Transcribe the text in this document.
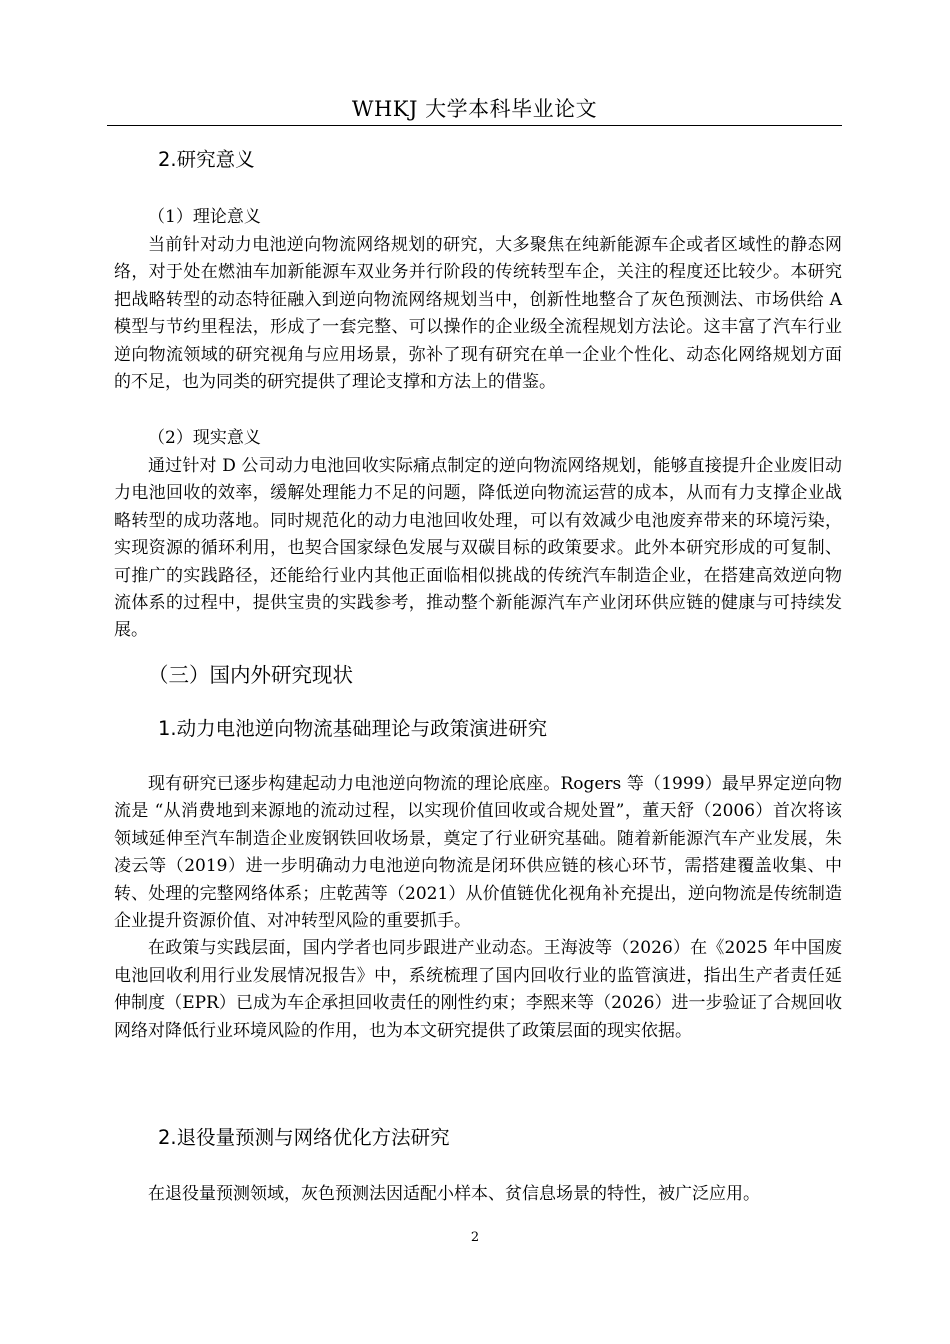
WHKJ 大学本科毕业论文
2.研究意义
（1）理论意义

当前针对动力电池逆向物流网络规划的研究，大多聚焦在纯新能源车企或者区域性的静态网络，对于处在燃油车加新能源车双业务并行阶段的传统转型车企，关注的程度还比较少。本研究把战略转型的动态特征融入到逆向物流网络规划当中，创新性地整合了灰色预测法、市场供给 A 模型与节约里程法，形成了一套完整、可以操作的企业级全流程规划方法论。这丰富了汽车行业逆向物流领域的研究视角与应用场景，弥补了现有研究在单一企业个性化、动态化网络规划方面的不足，也为同类的研究提供了理论支撑和方法上的借鉴。

（2）现实意义

通过针对 D 公司动力电池回收实际痛点制定的逆向物流网络规划，能够直接提升企业废旧动力电池回收的效率，缓解处理能力不足的问题，降低逆向物流运营的成本，从而有力支撑企业战略转型的成功落地。同时规范化的动力电池回收处理，可以有效减少电池废弃带来的环境污染，实现资源的循环利用，也契合国家绿色发展与双碳目标的政策要求。此外本研究形成的可复制、可推广的实践路径，还能给行业内其他正面临相似挑战的传统汽车制造企业，在搭建高效逆向物流体系的过程中，提供宝贵的实践参考，推动整个新能源汽车产业闭环供应链的健康与可持续发展。

（三）国内外研究现状
1.动力电池逆向物流基础理论与政策演进研究

现有研究已逐步构建起动力电池逆向物流的理论底座。Rogers 等（1999）最早界定逆向物流是 “从消费地到来源地的流动过程，以实现价值回收或合规处置”，董天舒（2006）首次将该领域延伸至汽车制造企业废钢铁回收场景，奠定了行业研究基础。随着新能源汽车产业发展，朱凌云等（2019）进一步明确动力电池逆向物流是闭环供应链的核心环节，需搭建覆盖收集、中转、处理的完整网络体系；庄乾茜等（2021）从价值链优化视角补充提出，逆向物流是传统制造企业提升资源价值、对冲转型风险的重要抓手。

在政策与实践层面，国内学者也同步跟进产业动态。王海波等（2026）在《2025 年中国废电池回收利用行业发展情况报告》中，系统梳理了国内回收行业的监管演进，指出生产者责任延伸制度（EPR）已成为车企承担回收责任的刚性约束；李熙来等（2026）进一步验证了合规回收网络对降低行业环境风险的作用，也为本文研究提供了政策层面的现实依据。

2.退役量预测与网络优化方法研究

在退役量预测领域，灰色预测法因适配小样本、贫信息场景的特性，被广泛应用。

2
